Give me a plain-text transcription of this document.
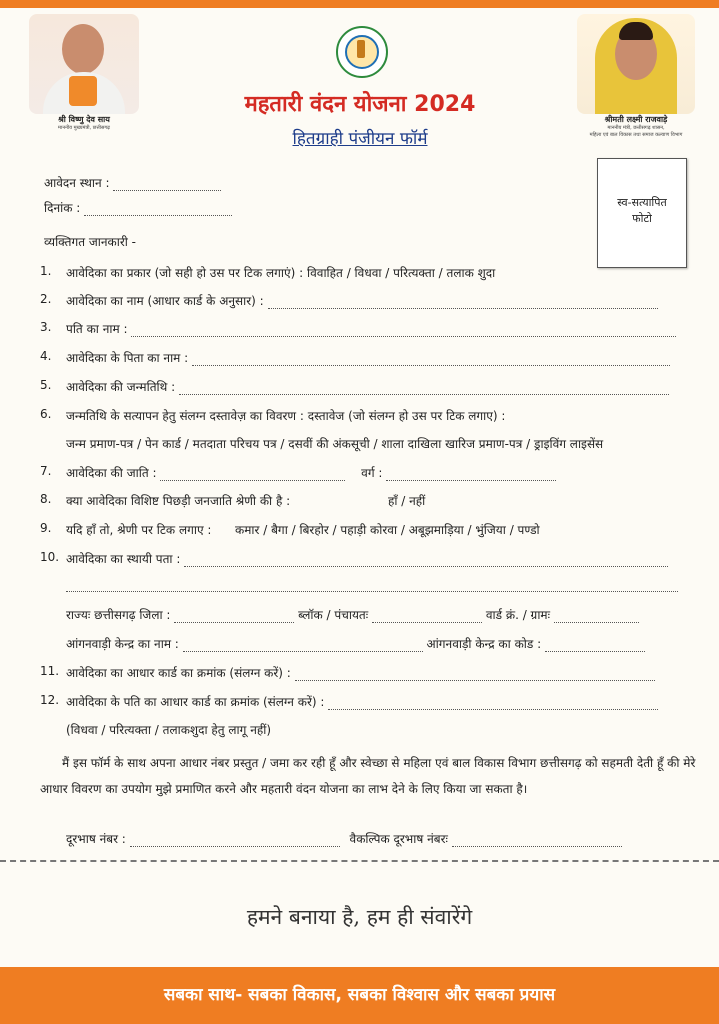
श्री विष्णु देव साय
माननीय मुख्यमंत्री, छत्तीसगढ़
महतारी वंदन योजना 2024
हितग्राही पंजीयन फॉर्म
श्रीमती लक्ष्मी राजवाड़े
माननीय मंत्री, छत्तीसगढ़ शासन,
महिला एवं बाल विकास तथा समाज कल्याण विभाग
स्व-सत्यापित
फोटो
आवेदन स्थान :
दिनांक :
व्यक्तिगत जानकारी -
1. आवेदिका का प्रकार (जो सही हो उस पर टिक लगाएं) : विवाहित / विधवा / परित्यक्ता / तलाक शुदा
2. आवेदिका का नाम (आधार कार्ड के अनुसार) :
3. पति का नाम :
4. आवेदिका के पिता का नाम :
5. आवेदिका की जन्मतिथि :
6. जन्मतिथि के सत्यापन हेतु संलग्न दस्तावेज़ का विवरण : दस्तावेज (जो संलग्न हो उस पर टिक लगाए) :
जन्म प्रमाण-पत्र / पेन कार्ड / मतदाता परिचय पत्र / दसवीं की अंकसूची / शाला दाखिला खारिज प्रमाण-पत्र / ड्राइविंग लाइसेंस
7. आवेदिका की जाति :	वर्ग :
8. क्या आवेदिका विशिष्ट पिछड़ी जनजाति श्रेणी की है :	हाँ / नहीं
9. यदि हाँ तो, श्रेणी पर टिक लगाए : कमार / बैगा / बिरहोर / पहाड़ी कोरवा / अबूझमाड़िया / भुंजिया / पण्डो
10. आवेदिका का स्थायी पता :
राज्यः छत्तीसगढ़ जिला :	ब्लॉक / पंचायतः	वार्ड क्रं. / ग्रामः
आंगनवाड़ी केन्द्र का नाम :	आंगनवाड़ी केन्द्र का कोड :
11. आवेदिका का आधार कार्ड का क्रमांक (संलग्न करें) :
12. आवेदिका के पति का आधार कार्ड का क्रमांक (संलग्न करें) :
(विधवा / परित्यक्ता / तलाकशुदा हेतु लागू नहीं)
मैं इस फॉर्म के साथ अपना आधार नंबर प्रस्तुत / जमा कर रही हूँ और स्वेच्छा से महिला एवं बाल विकास विभाग छत्तीसगढ़ को सहमती देती हूँ की मेरे आधार विवरण का उपयोग मुझे प्रमाणित करने और महतारी वंदन योजना का लाभ देने के लिए किया जा सकता है।
दूरभाष नंबर :	वैकल्पिक दूरभाष नंबरः
हमने बनाया है, हम ही संवारेंगे
सबका साथ- सबका विकास, सबका विश्वास और सबका प्रयास
